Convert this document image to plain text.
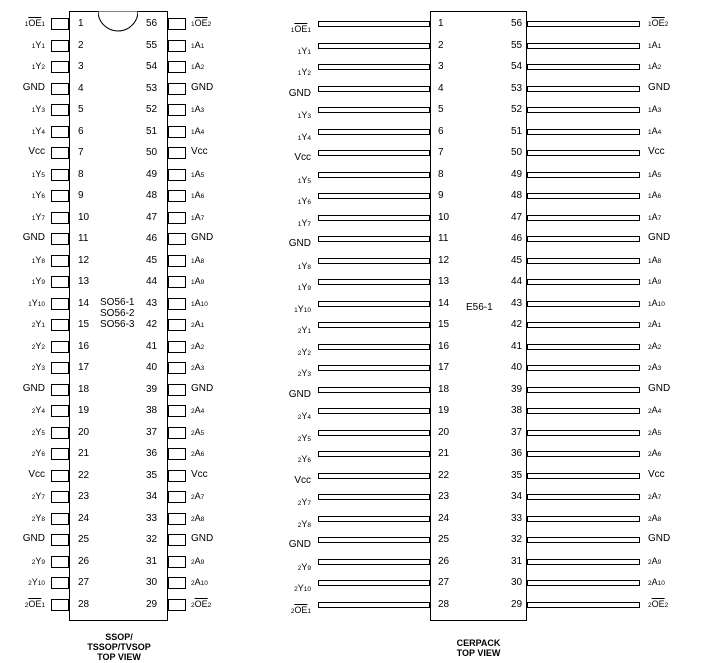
SO56-1
SO56-2
SO56-3
SSOP/
TSSOP/TVSOP
TOP VIEW
1	56
$1\overline{OE}1$	$1\overline{OE}2$
2	55
1Y1	1A1
3	54
1Y2	1A2
4	53
GND	GND
5	52
1Y3	1A3
6	51
1Y4	1A4
7	50
Vcc	Vcc
8	49
1Y5	1A5
9	48
1Y6	1A6
10	47
1Y7	1A7
11	46
GND	GND
12	45
1Y8	1A8
13	44
1Y9	1A9
14	43
1Y10	1A10
15	42
2Y1	2A1
16	41
2Y2	2A2
17	40
2Y3	2A3
18	39
GND	GND
19	38
2Y4	2A4
20	37
2Y5	2A5
21	36
2Y6	2A6
22	35
Vcc	Vcc
23	34
2Y7	2A7
24	33
2Y8	2A8
25	32
GND	GND
26	31
2Y9	2A9
27	30
2Y10	2A10
28	29
$2\overline{OE}1$	$2\overline{OE}2$
E56-1
CERPACK
TOP VIEW
1	56
$1\overline{OE}1$
$1\overline{OE}2$
2	55
1Y1
1A1
3	54
1Y2
1A2
4	53
GND
GND
5	52
1Y3
1A3
6	51
1Y4
1A4
7	50
Vcc
Vcc
8	49
1Y5
1A5
9	48
1Y6
1A6
10	47
1Y7
1A7
11	46
GND
GND
12	45
1Y8
1A8
13	44
1Y9
1A9
14	43
1Y10
1A10
15	42
2Y1
2A1
16	41
2Y2
2A2
17	40
2Y3
2A3
18	39
GND
GND
19	38
2Y4
2A4
20	37
2Y5
2A5
21	36
2Y6
2A6
22	35
Vcc
Vcc
23	34
2Y7
2A7
24	33
2Y8
2A8
25	32
GND
GND
26	31
2Y9
2A9
27	30
2Y10
2A10
28	29
$2\overline{OE}1$
$2\overline{OE}2$
